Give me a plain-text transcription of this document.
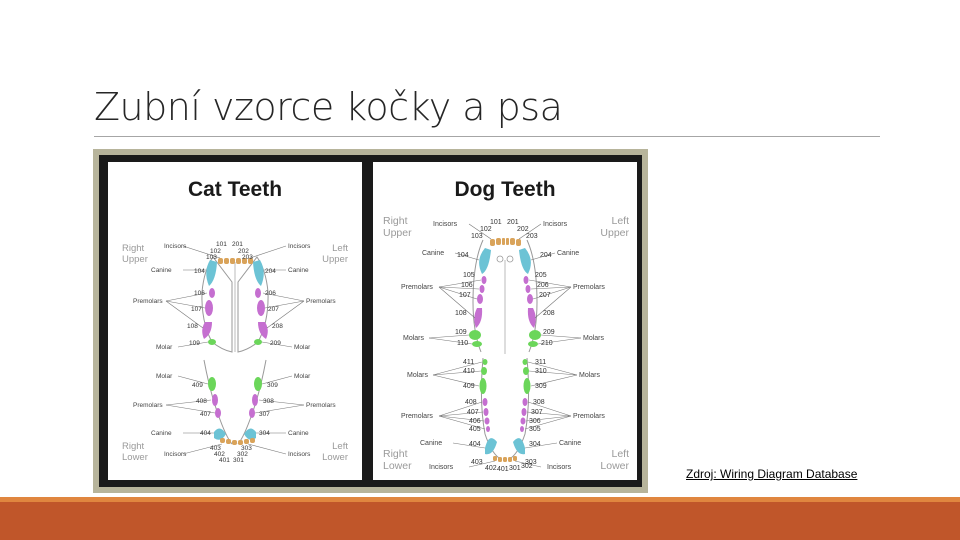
Zubní vzorce kočky a psa
Cat Teeth
Right
Upper
Left
Upper
Right
Lower
Left
Lower
Incisors	Incisors
Canine	Canine
Premolars	Premolars
Molar	Molar
Molar	Molar
Premolars	Premolars
Canine	Canine
Incisors	Incisors
101 201
102	202
103	203
104	204
106	206
107	207
108	208
109	209
409	309
408	308
407	307
404	304
403	303
402 302
401 301
Dog Teeth
Right
Upper
Left
Upper
Right
Lower
Left
Lower
Incisors	Incisors
Canine	Canine
Premolars	Premolars
Molars	Molars
Molars	Molars
Premolars	Premolars
Canine	Canine
Incisors	Incisors
101 201
102	202
103	203
104	204
105	205
106	206
107	207
108	208
109	209
110	210
411	311
410	310
409	309
408	308
407	307
406	306
405	305
404	304
403	303
402 401 301 302
Zdroj: Wiring Diagram Database
